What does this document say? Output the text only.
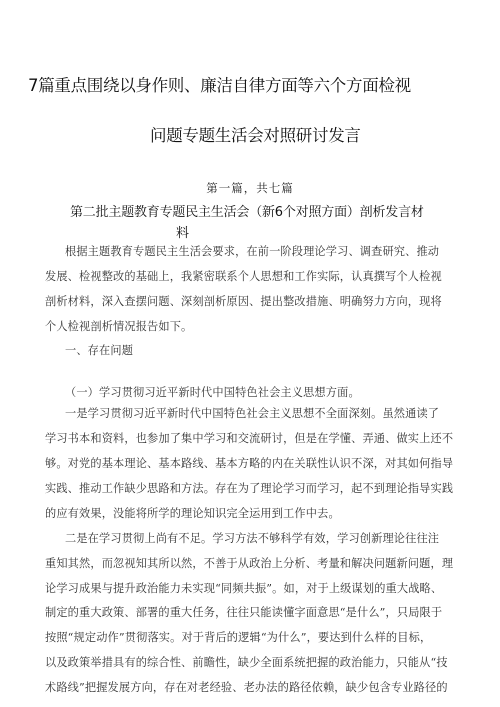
7篇重点围绕以身作则、廉洁自律方面等六个方面检视
问题专题生活会对照研讨发言
第一篇，共七篇
第二批主题教育专题民主生活会（新6个对照方面）剖析发言材
料
根据主题教育专题民主生活会要求，在前一阶段理论学习、调查研究、推动
发展、检视整改的基础上，我紧密联系个人思想和工作实际，认真撰写个人检视
剖析材料，深入查摆问题、深刻剖析原因、提出整改措施、明确努力方向，现将
个人检视剖析情况报告如下。
一、存在问题
（一）学习贯彻习近平新时代中国特色社会主义思想方面。
一是学习贯彻习近平新时代中国特色社会主义思想不全面深刻。虽然通读了
学习书本和资料，也参加了集中学习和交流研讨，但是在学懂、弄通、做实上还不
够。对党的基本理论、基本路线、基本方略的内在关联性认识不深，对其如何指导
实践、推动工作缺少思路和方法。存在为了理论学习而学习，起不到理论指导实践
的应有效果，没能将所学的理论知识完全运用到工作中去。
二是在学习贯彻上尚有不足。学习方法不够科学有效，学习创新理论往往注
重知其然，而忽视知其所以然，不善于从政治上分析、考量和解决问题新问题，理
论学习成果与提升政治能力未实现“同频共振”。如，对于上级谋划的重大战略、
制定的重大政策、部署的重大任务，往往只能读懂字面意思“是什么”，只局限于
按照“规定动作”贯彻落实。对于背后的逻辑“为什么”，要达到什么样的目标，
以及政策举措具有的综合性、前瞻性，缺少全面系统把握的政治能力，只能从“技
术路线”把握发展方向，存在对老经验、老办法的路径依赖，缺少包含专业路径的
